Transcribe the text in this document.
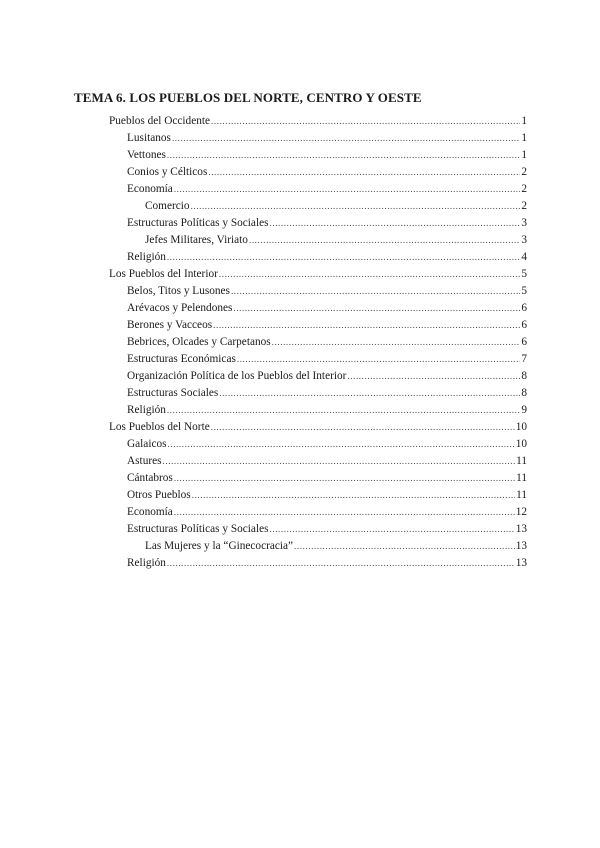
TEMA 6. LOS PUEBLOS DEL NORTE, CENTRO Y OESTE
Pueblos del Occidente .....	1
Lusitanos .....	1
Vettones .....	1
Conios y Célticos .....	2
Economía .....	2
Comercio .....	2
Estructuras Políticas y Sociales .....	3
Jefes Militares, Viriato .....	3
Religión .....	4
Los Pueblos del Interior .....	5
Belos, Titos y Lusones .....	5
Arévacos y Pelendones .....	6
Berones y Vacceos .....	6
Bebrices, Olcades y Carpetanos .....	6
Estructuras Económicas .....	7
Organización Política de los Pueblos del Interior .....	8
Estructuras Sociales .....	8
Religión .....	9
Los Pueblos del Norte .....	10
Galaicos .....	10
Astures .....	11
Cántabros .....	11
Otros Pueblos .....	11
Economía .....	12
Estructuras Políticas y Sociales .....	13
Las Mujeres y la “Ginecocracia” .....	13
Religión .....	13
